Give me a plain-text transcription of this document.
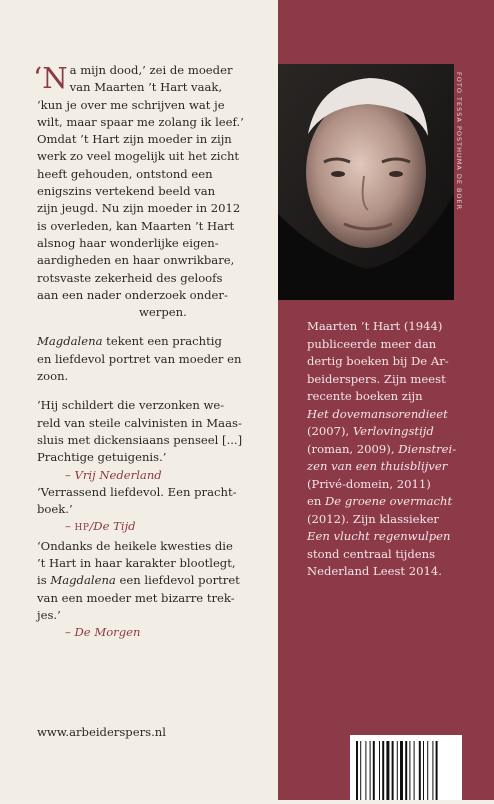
‘N a mijn dood,’ zei de moeder
van Maarten ’t Hart vaak,
‘kun je over me schrijven wat je
wilt, maar spaar me zolang ik leef.’
Omdat ’t Hart zijn moeder in zijn
werk zo veel mogelijk uit het zicht
heeft gehouden, ontstond een
enigszins vertekend beeld van
zijn jeugd. Nu zijn moeder in 2012
is overleden, kan Maarten ’t Hart
alsnog haar wonderlijke eigen-
aardigheden en haar onwrikbare,
rotsvaste zekerheid des geloofs
aan een nader onderzoek onder-
werpen.

Magdalena tekent een prachtig
en liefdevol portret van moeder en
zoon.

‘Hij schildert die verzonken we-
reld van steile calvinisten in Maas-
sluis met dickensiaans penseel [...]
Prachtige getuigenis.’
– Vrij Nederland

‘Verrassend liefdevol. Een pracht-
boek.’
– HP/De Tijd

‘Ondanks de heikele kwesties die
’t Hart in haar karakter blootlegt,
is Magdalena een liefdevol portret
van een moeder met bizarre trek-
jes.’
– De Morgen

www.arbeiderspers.nl
FOTO TESSA POSTHUMA DE BOER
Maarten ’t Hart (1944)
publiceerde meer dan
dertig boeken bij De Ar-
beiderspers. Zijn meest
recente boeken zijn
Het dovemansorendieet
(2007), Verlovingstijd
(roman, 2009), Dienstrei-
zen van een thuisblijver
(Privé-domein, 2011)
en De groene overmacht
(2012). Zijn klassieker
Een vlucht regenwulpen
stond centraal tijdens
Nederland Leest 2014.
